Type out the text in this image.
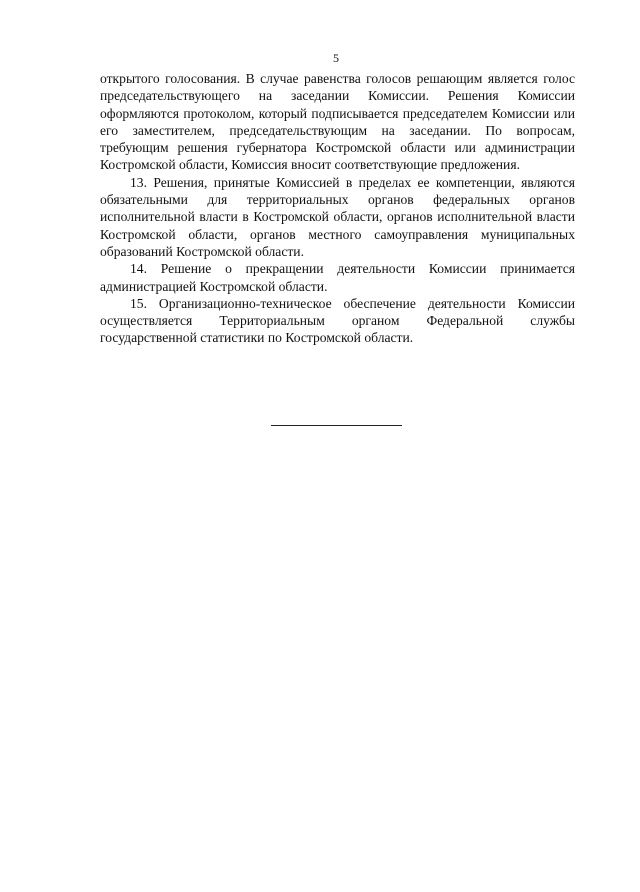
5

открытого голосования. В случае равенства голосов решающим является голос председательствующего на заседании Комиссии. Решения Комиссии оформляются протоколом, который подписывается председателем Комиссии или его заместителем, председательствующим на заседании. По вопросам, требующим решения губернатора Костромской области или администрации Костромской области, Комиссия вносит соответствующие предложения.

13. Решения, принятые Комиссией в пределах ее компетенции, являются обязательными для территориальных органов федеральных органов исполнительной власти в Костромской области, органов исполнительной власти Костромской области, органов местного самоуправления муниципальных образований Костромской области.

14. Решение о прекращении деятельности Комиссии принимается администрацией Костромской области.

15. Организационно-техническое обеспечение деятельности Комиссии осуществляется Территориальным органом Федеральной службы государственной статистики по Костромской области.
